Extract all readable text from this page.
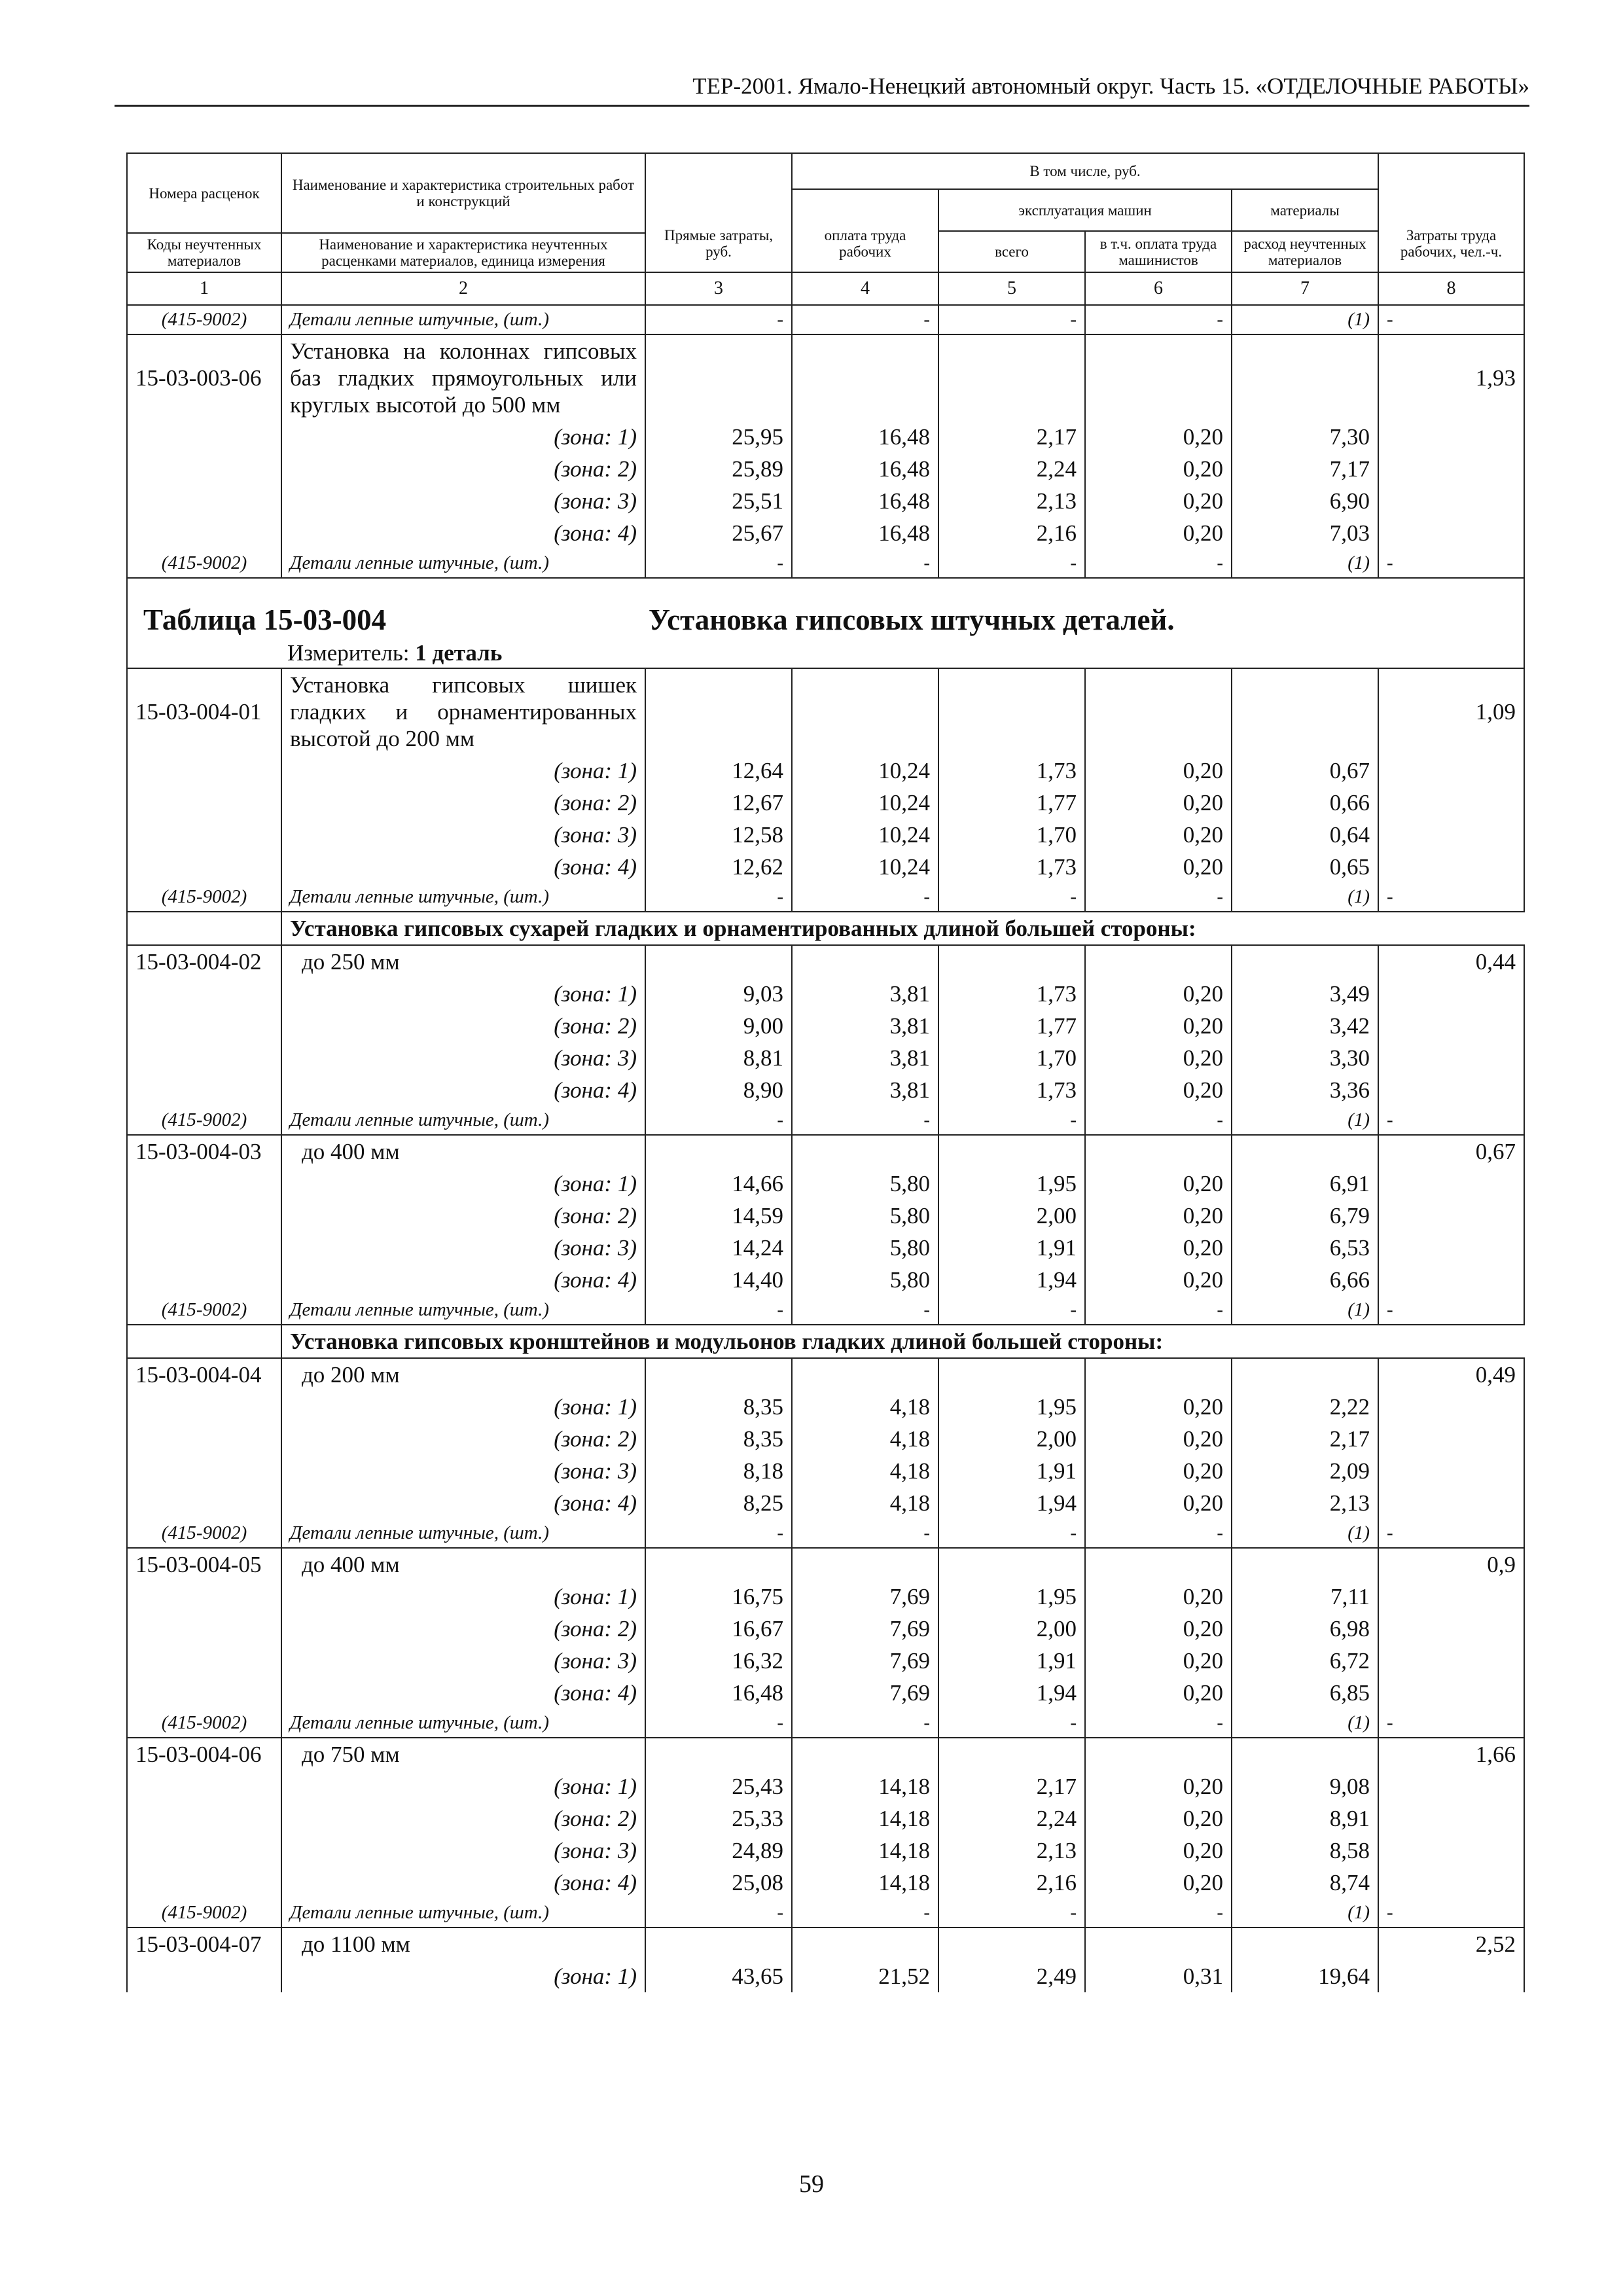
ТЕР-2001. Ямало-Ненецкий автономный округ. Часть 15. «ОТДЕЛОЧНЫЕ РАБОТЫ»
Номера расценок	Наименование и характеристика строительных работ и конструкций	Прямые затраты, руб.	В том числе, руб.				Затраты труда рабочих, чел.-ч.
			оплата труда рабочих	эксплуатация машин		материалы	
				всего	в т.ч. оплата труда машинистов	расход неучтенных материалов	
Коды неучтенных материалов	Наименование и характеристика неучтенных расценками материалов, единица измерения						

1	2	3	4	5	6	7	8
(415-9002)	Детали лепные штучные, (шт.)	-	-	-	-	(1)	-
15-03-003-06	Установка на колоннах гипсовых баз гладких прямоугольных или круглых высотой до 500 мм						1,93
	(зона: 1)	25,95	16,48	2,17	0,20	7,30	
	(зона: 2)	25,89	16,48	2,24	0,20	7,17	
	(зона: 3)	25,51	16,48	2,13	0,20	6,90	
	(зона: 4)	25,67	16,48	2,16	0,20	7,03	
(415-9002)	Детали лепные штучные, (шт.)	-	-	-	-	(1)	-

Таблица 15-03-004 Установка гипсовых штучных деталей.
Измеритель: 1 деталь							

15-03-004-01	Установка гипсовых шишек гладких и орнаментированных высотой до 200 мм						1,09
	(зона: 1)	12,64	10,24	1,73	0,20	0,67	
	(зона: 2)	12,67	10,24	1,77	0,20	0,66	
	(зона: 3)	12,58	10,24	1,70	0,20	0,64	
	(зона: 4)	12,62	10,24	1,73	0,20	0,65	
(415-9002)	Детали лепные штучные, (шт.)	-	-	-	-	(1)	-
	Установка гипсовых сухарей гладких и орнаментированных длиной большей стороны:						
15-03-004-02	до 250 мм						0,44
	(зона: 1)	9,03	3,81	1,73	0,20	3,49	
	(зона: 2)	9,00	3,81	1,77	0,20	3,42	
	(зона: 3)	8,81	3,81	1,70	0,20	3,30	
	(зона: 4)	8,90	3,81	1,73	0,20	3,36	
(415-9002)	Детали лепные штучные, (шт.)	-	-	-	-	(1)	-
15-03-004-03	до 400 мм						0,67
	(зона: 1)	14,66	5,80	1,95	0,20	6,91	
	(зона: 2)	14,59	5,80	2,00	0,20	6,79	
	(зона: 3)	14,24	5,80	1,91	0,20	6,53	
	(зона: 4)	14,40	5,80	1,94	0,20	6,66	
(415-9002)	Детали лепные штучные, (шт.)	-	-	-	-	(1)	-
	Установка гипсовых кронштейнов и модульонов гладких длиной большей стороны:						
15-03-004-04	до 200 мм						0,49
	(зона: 1)	8,35	4,18	1,95	0,20	2,22	
	(зона: 2)	8,35	4,18	2,00	0,20	2,17	
	(зона: 3)	8,18	4,18	1,91	0,20	2,09	
	(зона: 4)	8,25	4,18	1,94	0,20	2,13	
(415-9002)	Детали лепные штучные, (шт.)	-	-	-	-	(1)	-
15-03-004-05	до 400 мм						0,9
	(зона: 1)	16,75	7,69	1,95	0,20	7,11	
	(зона: 2)	16,67	7,69	2,00	0,20	6,98	
	(зона: 3)	16,32	7,69	1,91	0,20	6,72	
	(зона: 4)	16,48	7,69	1,94	0,20	6,85	
(415-9002)	Детали лепные штучные, (шт.)	-	-	-	-	(1)	-
15-03-004-06	до 750 мм						1,66
	(зона: 1)	25,43	14,18	2,17	0,20	9,08	
	(зона: 2)	25,33	14,18	2,24	0,20	8,91	
	(зона: 3)	24,89	14,18	2,13	0,20	8,58	
	(зона: 4)	25,08	14,18	2,16	0,20	8,74	
(415-9002)	Детали лепные штучные, (шт.)	-	-	-	-	(1)	-
15-03-004-07	до 1100 мм						2,52
	(зона: 1)	43,65	21,52	2,49	0,31	19,64	
59
